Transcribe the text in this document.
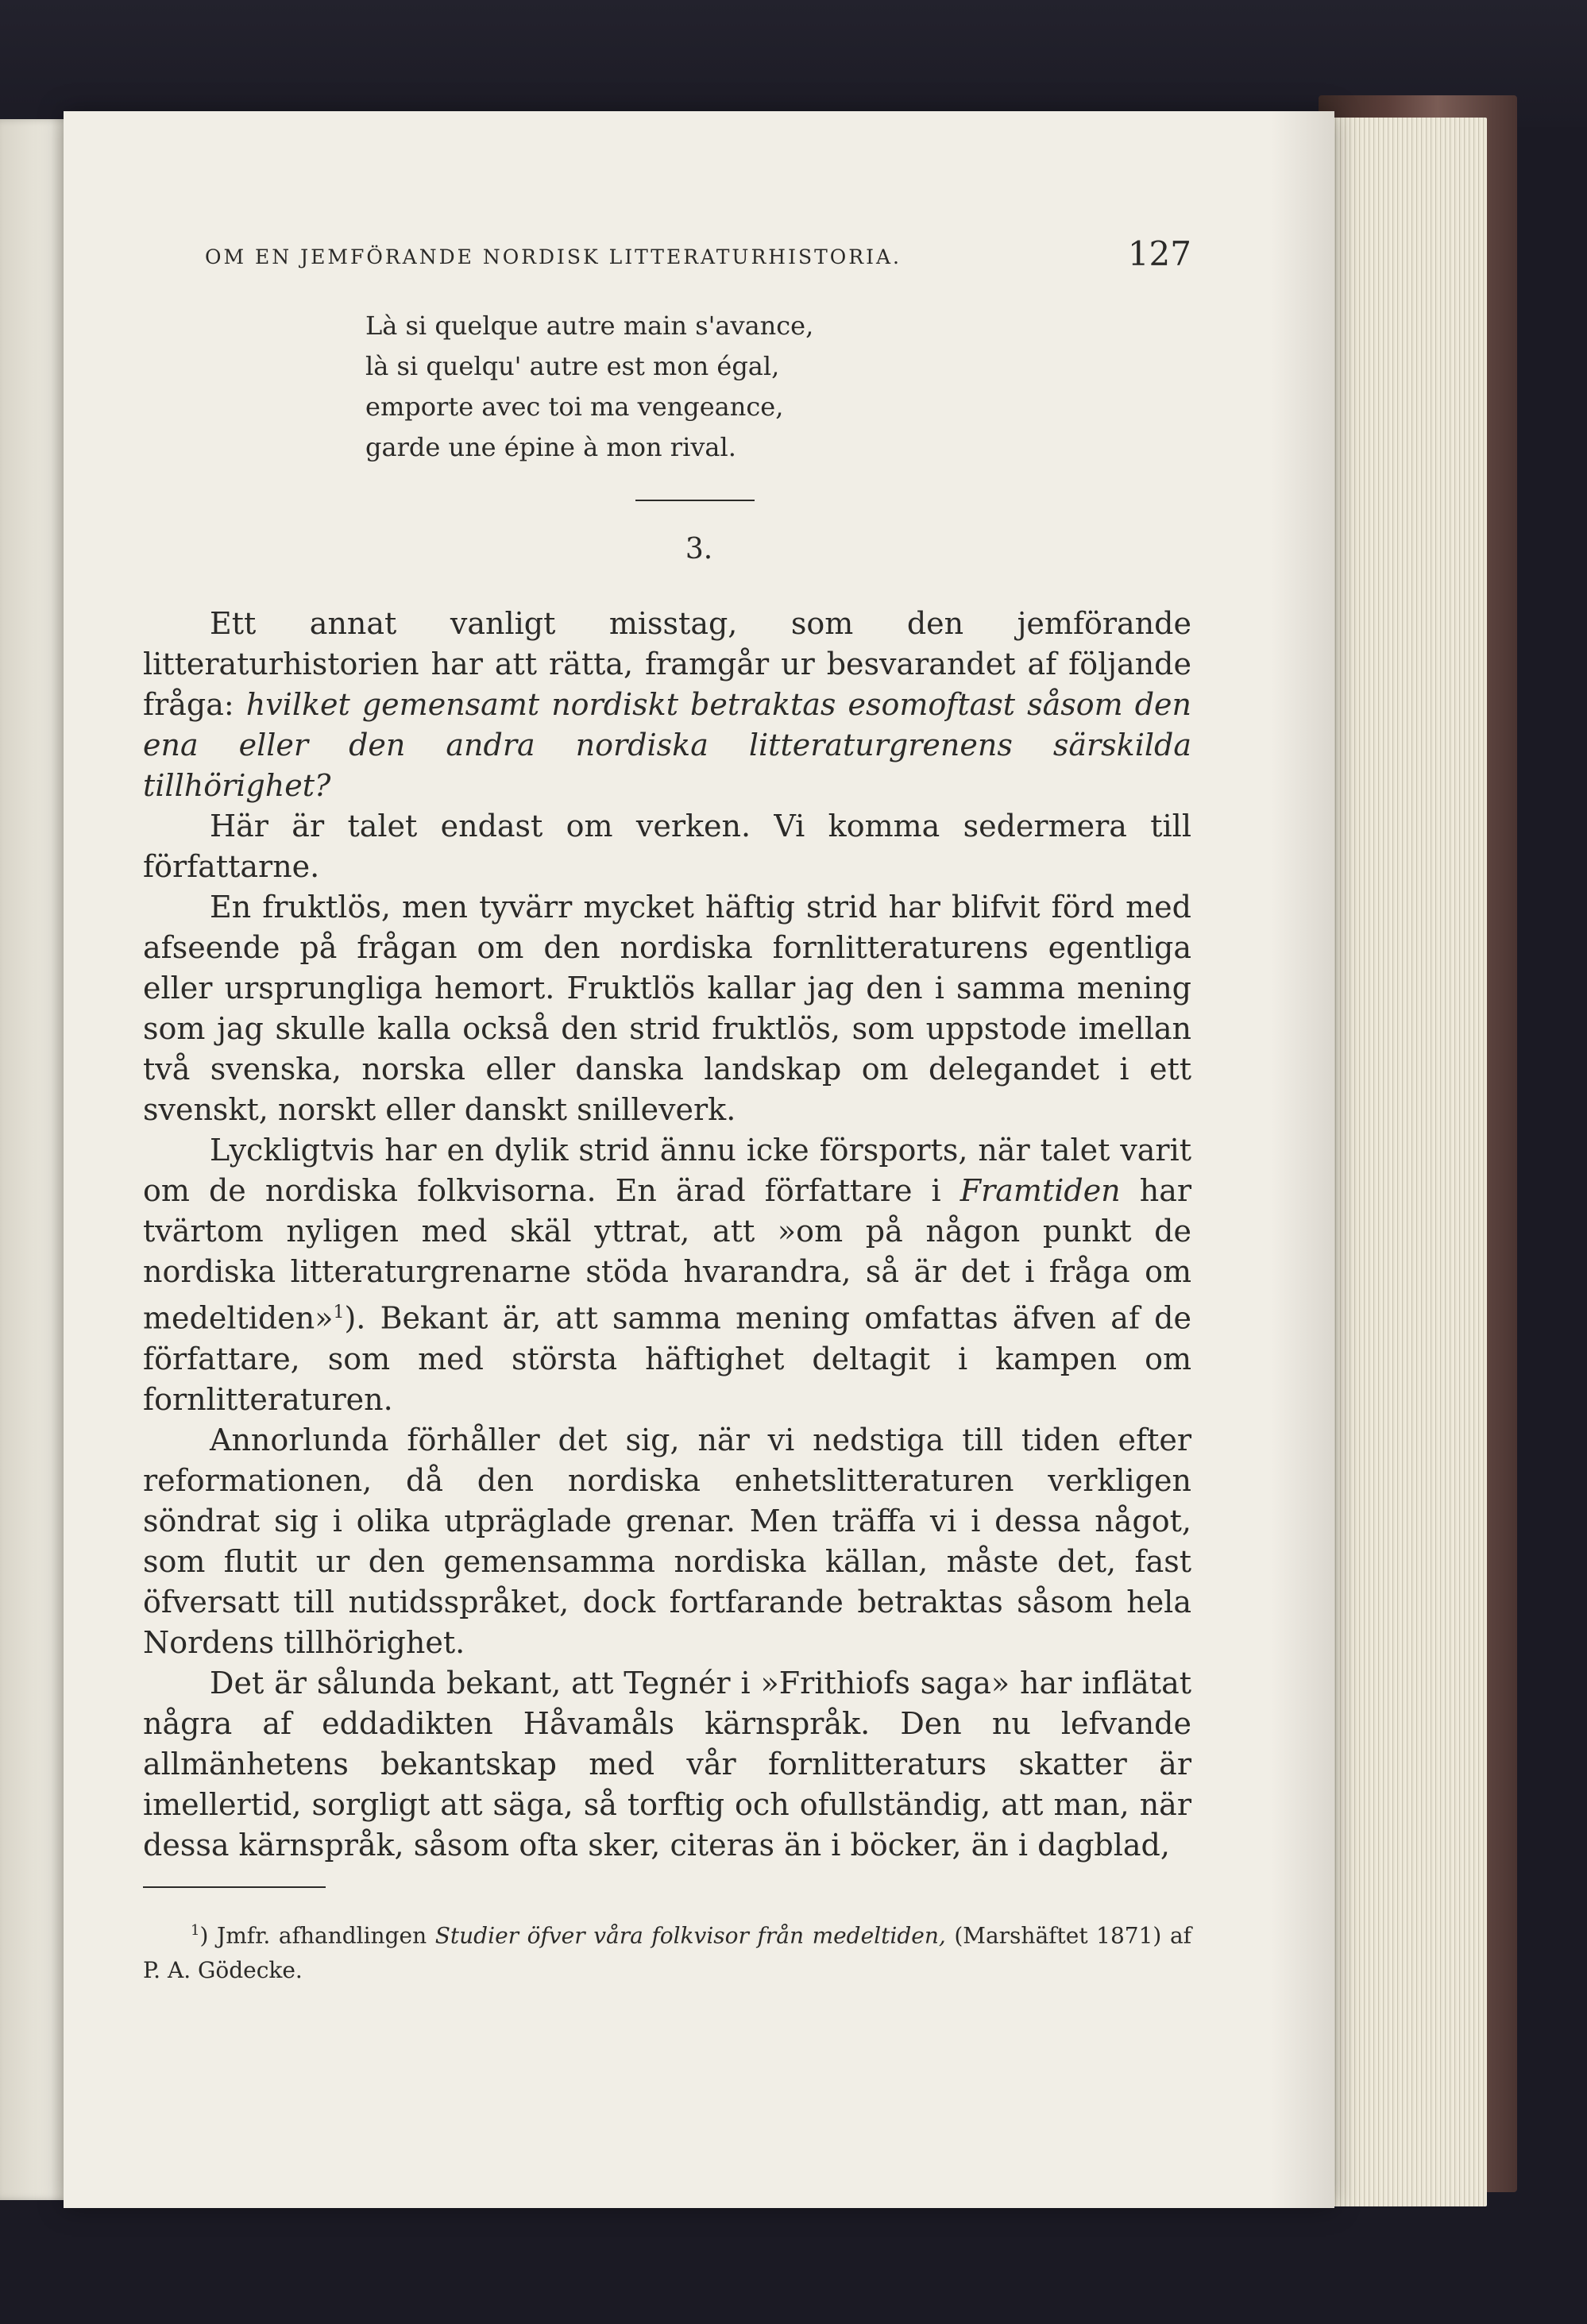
OM EN JEMFÖRANDE NORDISK LITTERATURHISTORIA.	127
Là si quelque autre main s'avance,
là si quelqu' autre est mon égal,
emporte avec toi ma vengeance,
garde une épine à mon rival.
3.

Ett annat vanligt misstag, som den jemförande litteraturhistorien har att rätta, framgår ur besvarandet af följande fråga: hvilket gemensamt nordiskt betraktas esomoftast såsom den ena eller den andra nordiska litteraturgrenens särskilda tillhörighet?

Här är talet endast om verken. Vi komma sedermera till författarne.

En fruktlös, men tyvärr mycket häftig strid har blifvit förd med afseende på frågan om den nordiska fornlitteraturens egentliga eller ursprungliga hemort. Fruktlös kallar jag den i samma mening som jag skulle kalla också den strid fruktlös, som uppstode imellan två svenska, norska eller danska landskap om delegandet i ett svenskt, norskt eller danskt snilleverk.

Lyckligtvis har en dylik strid ännu icke försports, när talet varit om de nordiska folkvisorna. En ärad författare i Framtiden har tvärtom nyligen med skäl yttrat, att »om på någon punkt de nordiska litteraturgrenarne stöda hvarandra, så är det i fråga om medeltiden»$^1$). Bekant är, att samma mening omfattas äfven af de författare, som med största häftighet deltagit i kampen om fornlitteraturen.

Annorlunda förhåller det sig, när vi nedstiga till tiden efter reformationen, då den nordiska enhetslitteraturen verkligen söndrat sig i olika utpräglade grenar. Men träffa vi i dessa något, som flutit ur den gemensamma nordiska källan, måste det, fast öfversatt till nutidsspråket, dock fortfarande betraktas såsom hela Nordens tillhörighet.

Det är sålunda bekant, att Tegnér i »Frithiofs saga» har inflätat några af eddadikten Håvamåls kärnspråk. Den nu lefvande allmänhetens bekantskap med vår fornlitteraturs skatter är imellertid, sorgligt att säga, så torftig och ofullständig, att man, när dessa kärnspråk, såsom ofta sker, citeras än i böcker, än i dagblad,

$^1$) Jmfr. afhandlingen Studier öfver våra folkvisor från medeltiden, (Marshäftet 1871) af P. A. Gödecke.
